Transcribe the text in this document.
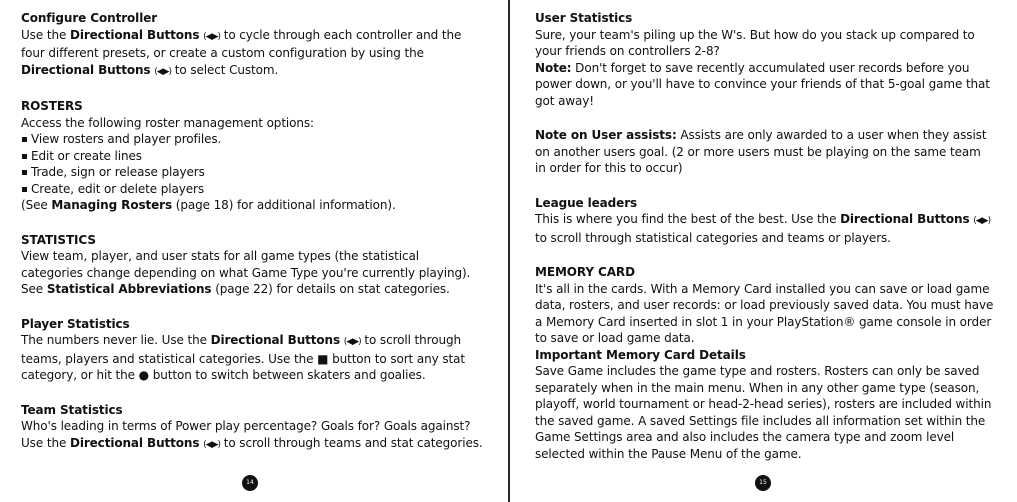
Configure Controller

Use the Directional Buttons (◀▶) to cycle through each controller and the four different presets, or create a custom configuration by using the Directional Buttons (◀▶) to select Custom.

ROSTERS

Access the following roster management options:

View rosters and player profiles.
Edit or create lines
Trade, sign or release players
Create, edit or delete players

(See Managing Rosters (page 18) for additional information).

STATISTICS

View team, player, and user stats for all game types (the statistical categories change depending on what Game Type you're currently playing).

See Statistical Abbreviations (page 22) for details on stat categories.

Player Statistics

The numbers never lie. Use the Directional Buttons (◀▶) to scroll through teams, players and statistical categories. Use the ■ button to sort any stat category, or hit the ● button to switch between skaters and goalies.

Team Statistics

Who's leading in terms of Power play percentage? Goals for? Goals against? Use the Directional Buttons (◀▶) to scroll through teams and stat categories.

14

User Statistics

Sure, your team's piling up the W's. But how do you stack up compared to your friends on controllers 2-8?

Note: Don't forget to save recently accumulated user records before you power down, or you'll have to convince your friends of that 5-goal game that got away!

Note on User assists: Assists are only awarded to a user when they assist on another users goal. (2 or more users must be playing on the same team in order for this to occur)

League leaders

This is where you find the best of the best. Use the Directional Buttons (◀▶) to scroll through statistical categories and teams or players.

MEMORY CARD

It's all in the cards. With a Memory Card installed you can save or load game data, rosters, and user records: or load previously saved data. You must have a Memory Card inserted in slot 1 in your PlayStation® game console in order to save or load game data.

Important Memory Card Details

Save Game includes the game type and rosters. Rosters can only be saved separately when in the main menu. When in any other game type (season, playoff, world tournament or head-2-head series), rosters are included within the saved game. A saved Settings file includes all information set within the Game Settings area and also includes the camera type and zoom level selected within the Pause Menu of the game.

15
